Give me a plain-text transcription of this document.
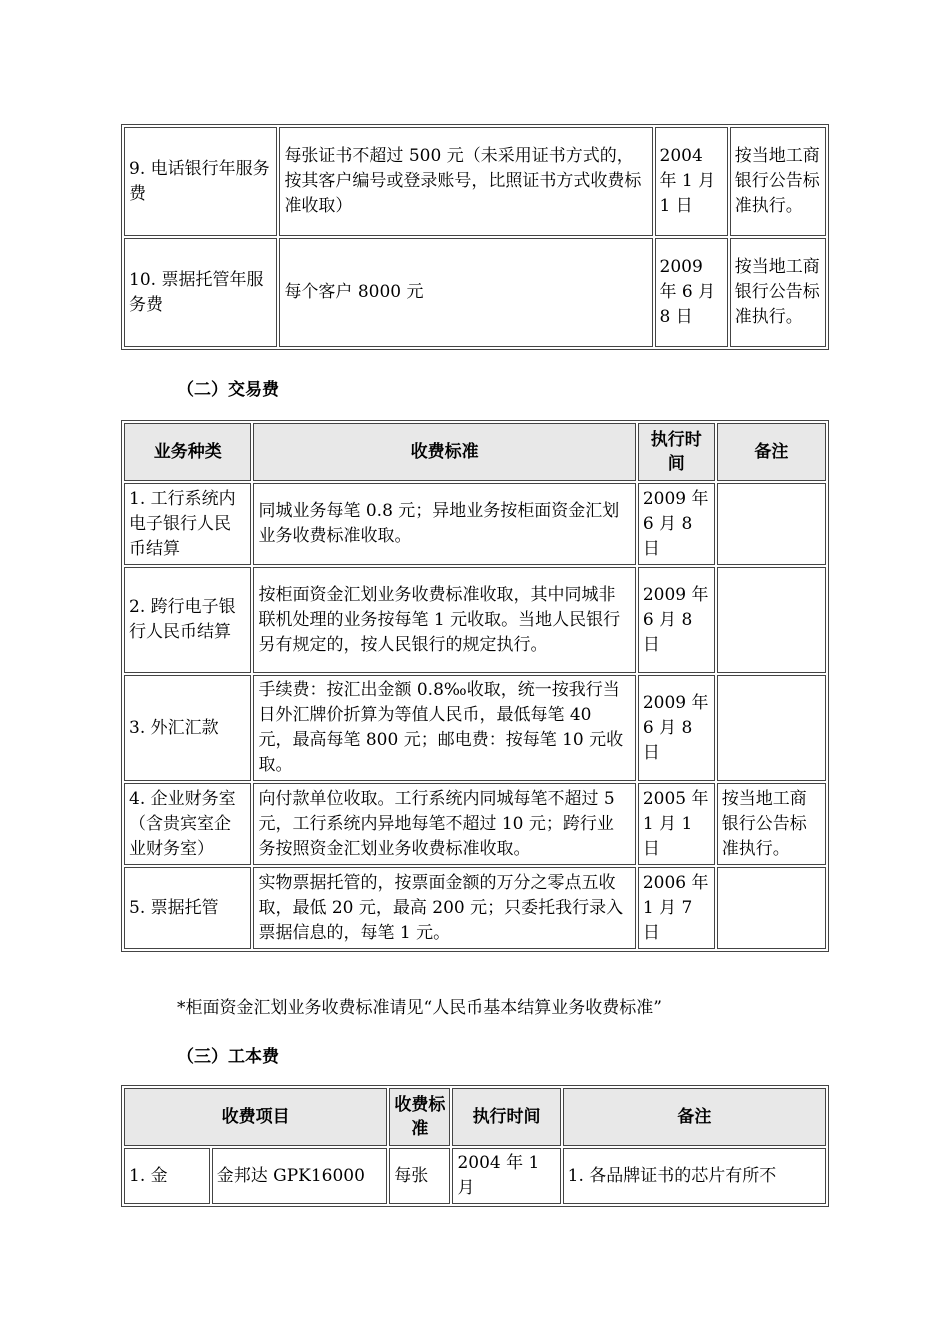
9. 电话银行年服务费	每张证书不超过 500 元（未采用证书方式的，按其客户编号或登录账号，比照证书方式收费标准收取）	2004 年 1 月 1 日	按当地工商银行公告标准执行。
10. 票据托管年服务费	每个客户 8000 元	2009 年 6 月 8 日	按当地工商银行公告标准执行。
（二）交易费
业务种类	收费标准	执行时间	备注
1. 工行系统内电子银行人民币结算	同城业务每笔 0.8 元；异地业务按柜面资金汇划业务收费标准收取。	2009 年 6 月 8 日	
2. 跨行电子银行人民币结算	按柜面资金汇划业务收费标准收取，其中同城非联机处理的业务按每笔 1 元收取。当地人民银行另有规定的，按人民银行的规定执行。	2009 年 6 月 8 日	
3. 外汇汇款	手续费：按汇出金额 0.8‰收取，统一按我行当日外汇牌价折算为等值人民币，最低每笔 40 元，最高每笔 800 元；邮电费：按每笔 10 元收取。	2009 年 6 月 8 日	
4. 企业财务室（含贵宾室企业财务室）	向付款单位收取。工行系统内同城每笔不超过 5 元，工行系统内异地每笔不超过 10 元；跨行业务按照资金汇划业务收费标准收取。	2005 年 1 月 1 日	按当地工商银行公告标准执行。
5. 票据托管	实物票据托管的，按票面金额的万分之零点五收取，最低 20 元，最高 200 元；只委托我行录入票据信息的，每笔 1 元。	2006 年 1 月 7 日	
*柜面资金汇划业务收费标准请见“人民币基本结算业务收费标准”
（三）工本费
收费项目		收费标准	执行时间	备注
1. 金	金邦达 GPK16000	每张	2004 年 1 月	1. 各品牌证书的芯片有所不
